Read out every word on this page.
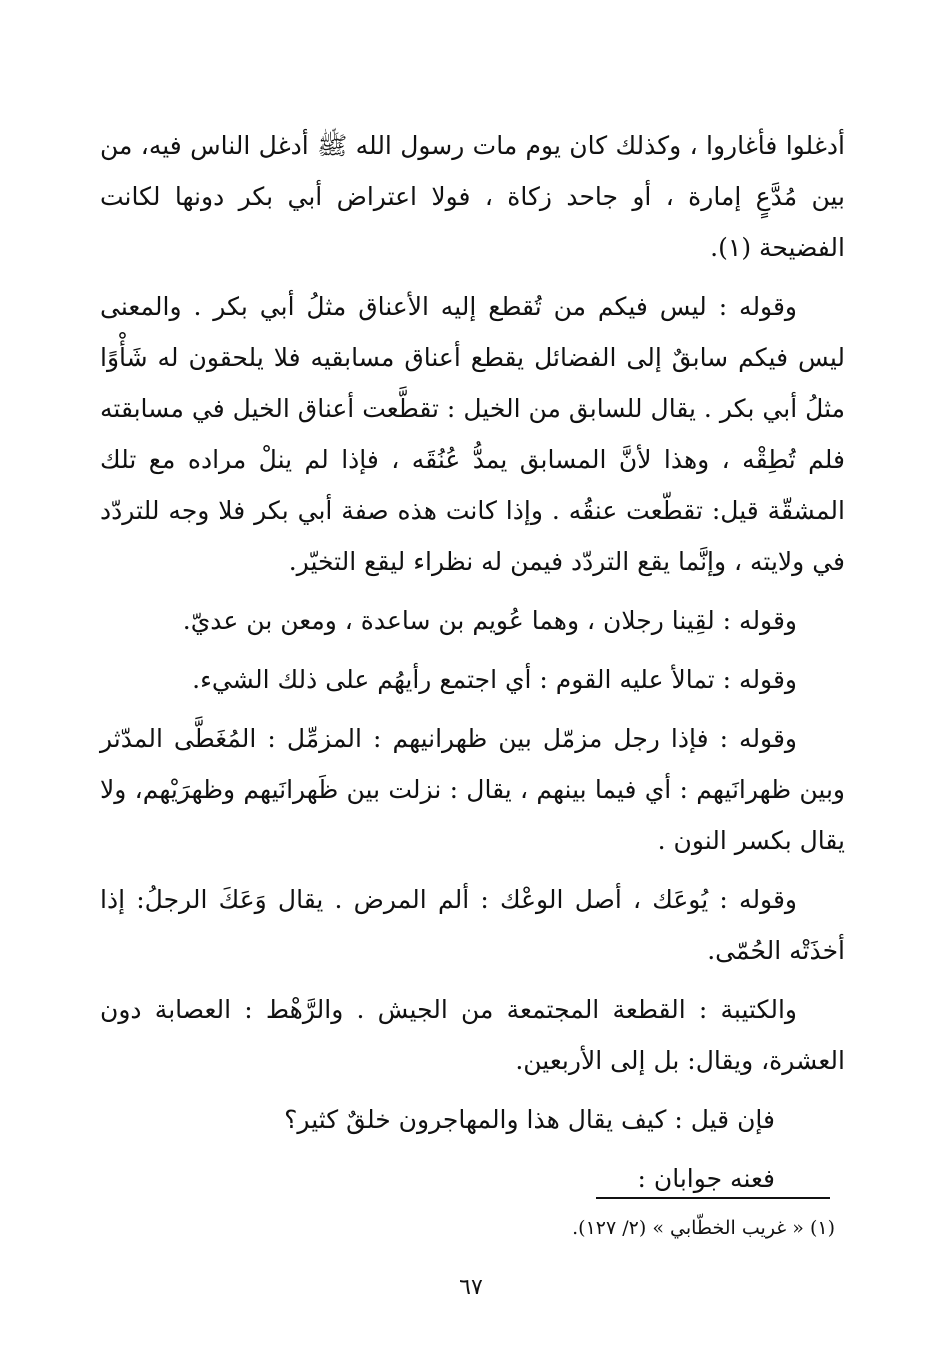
أدغلوا فأغاروا ، وكذلك كان يوم مات رسول الله ﷺ أدغل الناس فيه، من بين مُدَّعٍ إمارة ، أو جاحد زكاة ، فولا اعتراض أبي بكر دونها لكانت الفضيحة (١).

وقوله : ليس فيكم من تُقطع إليه الأعناق مثلُ أبي بكر . والمعنى ليس فيكم سابقٌ إلى الفضائل يقطع أعناق مسابقيه فلا يلحقون له شَأْوًا مثلُ أبي بكر . يقال للسابق من الخيل : تقطَّعت أعناق الخيل في مسابقته فلم تُطِقْه ، وهذا لأنَّ المسابق يمدُّ عُنُقَه ، فإذا لم ينلْ مراده مع تلك المشقّة قيل: تقطّعت عنقُه . وإذا كانت هذه صفة أبي بكر فلا وجه للتردّد في ولايته ، وإنَّما يقع التردّد فيمن له نظراء ليقع التخيّر.

وقوله : لقِينا رجلان ، وهما عُويم بن ساعدة ، ومعن بن عديّ.

وقوله : تمالأ عليه القوم : أي اجتمع رأيهُم على ذلك الشيء.

وقوله : فإذا رجل مزمّل بين ظهرانيهم : المزمِّل : المُغَطَّى المدّثر وبين ظهرانَيهم : أي فيما بينهم ، يقال : نزلت بين ظَهرانَيهم وظهرَيْهم، ولا يقال بكسر النون .

وقوله : يُوعَك ، أصل الوعْك : ألم المرض . يقال وَعَكَ الرجلُ: إذا أخذَتْه الحُمّى.

والكتيبة : القطعة المجتمعة من الجيش . والرَّهْط : العصابة دون العشرة، ويقال: بل إلى الأربعين.

فإن قيل : كيف يقال هذا والمهاجرون خلقٌ كثير؟

فعنه جوابان :

(١) « غريب الخطّابي » (٢/ ١٢٧).
٦٧
